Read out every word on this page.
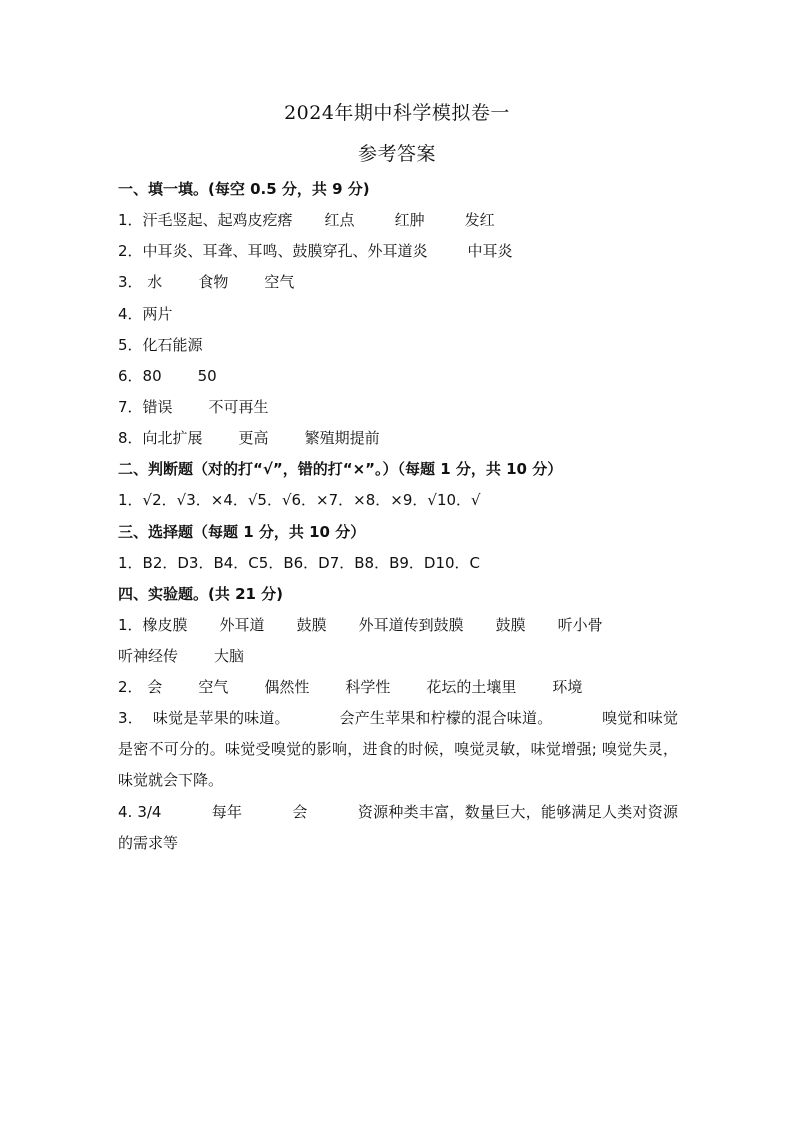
2024年期中科学模拟卷一
参考答案
一、填一填。(每空 0.5 分，共 9 分)
1．汗毛竖起、起鸡皮疙瘩 红点	红肿	发红
2．中耳炎、耳聋、耳鸣、鼓膜穿孔、外耳道炎	中耳炎
3． 水 食物 空气
4．两片
5．化石能源
6．80 50
7．错误 不可再生
8．向北扩展 更高 繁殖期提前
二、判断题（对的打“√”，错的打“×”。）（每题 1 分，共 10 分）
1．√2．√3．×4．√5．√6．×7．×8．×9．√10．√
三、选择题（每题 1 分，共 10 分）
1．B2．D3．B4．C5．B6．D7．B8．B9．D10．C
四、实验题。(共 21 分)
1．橡皮膜 外耳道 鼓膜 外耳道传到鼓膜 鼓膜 听小骨
听神经传 大脑
2． 会 空气 偶然性 科学性 花坛的土壤里 环境
3．  味觉是苹果的味道。          会产生苹果和柠檬的混合味道。          嗅觉和味觉是密不可分的。味觉受嗅觉的影响，进食的时候，嗅觉灵敏，味觉增强; 嗅觉失灵，味觉就会下降。
4. 3/4          每年          会          资源种类丰富，数量巨大，能够满足人类对资源的需求等
